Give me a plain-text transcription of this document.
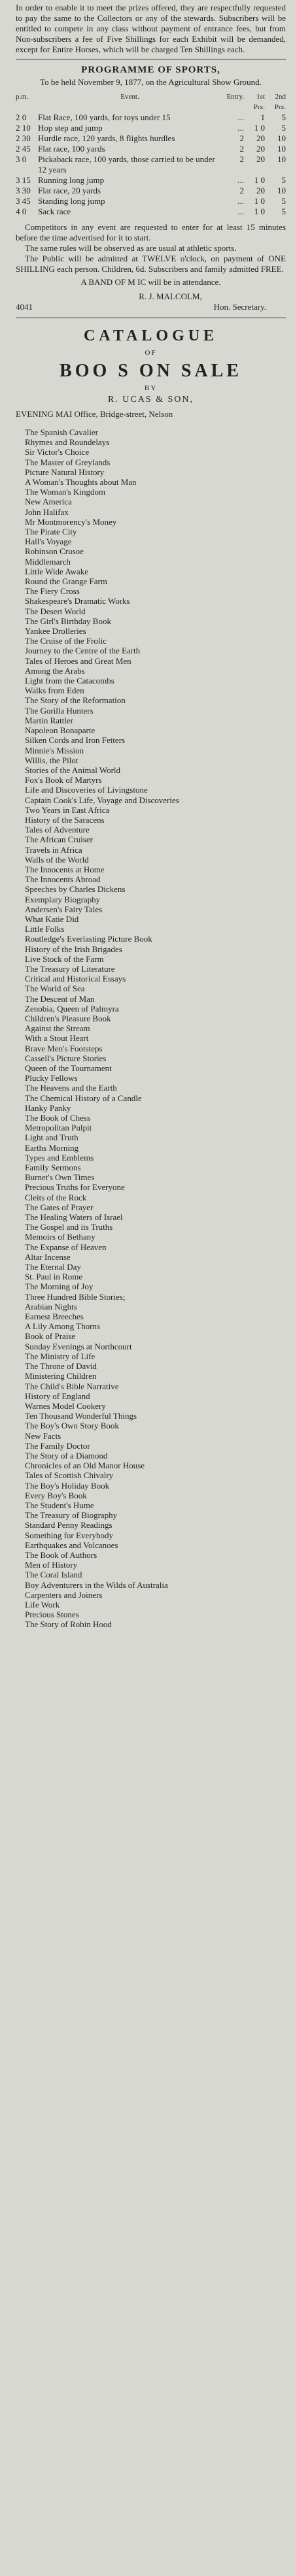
In order to enable it to meet the prizes offered, they are respectfully requested to pay the same to the Collectors or any of the stewards. Subscribers will be entitled to compete in any class without payment of entrance fees, but from Non-subscribers a fee of Five Shillings for each Exhibit will be demanded, except for Entire Horses, which will be charged Ten Shillings each.

PROGRAMME OF SPORTS,
To be held November 9, 1877, on the Agricultural Show Ground.
p.m.	Event.	Entry.	1st Prz.	2nd Prz.
2 0	Flat Race, 100 yards, for toys under 15	...	1	5
2 10	Hop step and jump	...	1 0	5
2 30	Hurdle race, 120 yards, 8 flights hurdles	2	20	10
2 45	Flat race, 100 yards	2	20	10
3 0	Pickaback race, 100 yards, those carried to be under 12 years	2	20	10
3 15	Running long jump	...	1 0	5
3 30	Flat race, 20 yards	2	20	10
3 45	Standing long jump	...	1 0	5
4 0	Sack race	...	1 0	5

Competitors in any event are requested to enter for at least 15 minutes before the time advertised for it to start.

The same rules will be observed as are usual at athletic sports.

The Public will be admitted at TWELVE o'clock, on payment of ONE SHILLING each person. Children, 6d. Subscribers and family admitted FREE.

A BAND OF M IC will be in attendance.

R. J. MALCOLM,
4041	Hon. Secretary.
CATALOGUE
OF
BOO S ON SALE
BY
R. UCAS & SON,
EVENING MAI Office, Bridge-street, Nelson
The Spanish Cavalier
Rhymes and Roundelays
Sir Victor's Choice
The Master of Greylands
Picture Natural History
A Woman's Thoughts about Man
The Woman's Kingdom
New America
John Halifax
Mr Montmorency's Money
The Pirate City
Hall's Voyage
Robinson Crusoe
Middlemarch
Little Wide Awake
Round the Grange Farm
The Fiery Cross
Shakespeare's Dramatic Works
The Desert World
The Girl's Birthday Book
Yankee Drolleries
The Cruise of the Frolic
Journey to the Centre of the Earth
Tales of Heroes and Great Men
Among the Arabs
Light from the Catacombs
Walks from Eden
The Story of the Reformation
The Gorilla Hunters
Martin Rattler
Napoleon Bonaparte
Silken Cords and Iron Fetters
Minnie's Mission
Willis, the Pilot
Stories of the Animal World
Fox's Book of Martyrs
Life and Discoveries of Livingstone
Captain Cook's Life, Voyage and Discoveries
Two Years in East Africa
History of the Saracens
Tales of Adventure
The African Cruiser
Travels in Africa
Walls of the World
The Innocents at Home
The Innocents Abroad
Speeches by Charles Dickens
Exemplary Biography
Andersen's Fairy Tales
What Katie Did
Little Folks
Routledge's Everlasting Picture Book
History of the Irish Brigades
Live Stock of the Farm
The Treasury of Literature
Critical and Historical Essays
The World of Sea
The Descent of Man
Zenobia, Queen of Palmyra
Children's Pleasure Book
Against the Stream
With a Stout Heart
Brave Men's Footsteps
Cassell's Picture Stories
Queen of the Tournament
Plucky Fellows
The Heavens and the Earth
The Chemical History of a Candle
Hanky Panky
The Book of Chess
Metropolitan Pulpit
Light and Truth
Earths Morning
Types and Emblems
Family Sermons
Burnet's Own Times
Precious Truths for Everyone
Cleits of the Rock
The Gates of Prayer
The Healing Waters of Israel
The Gospel and its Truths
Memoirs of Bethany
The Expanse of Heaven
Altar Incense
The Eternal Day
St. Paul in Rome
The Morning of Joy
Three Hundred Bible Stories;
Arabian Nights
Earnest Breeches
A Lily Among Thorns
Book of Praise
Sunday Evenings at Northcourt
The Ministry of Life
The Throne of David
Ministering Children
The Child's Bible Narrative
History of England
Warnes Model Cookery
Ten Thousand Wonderful Things
The Boy's Own Story Book
New Facts
The Family Doctor
The Story of a Diamond
Chronicles of an Old Manor House
Tales of Scottish Chivalry
The Boy's Holiday Book
Every Boy's Book
The Student's Hume
The Treasury of Biography
Standard Penny Readings
Something for Everybody
Earthquakes and Volcanoes
The Book of Authors
Men of History
The Coral Island
Boy Adventurers in the Wilds of Australia
Carpenters and Joiners
Life Work
Precious Stones
The Story of Robin Hood
